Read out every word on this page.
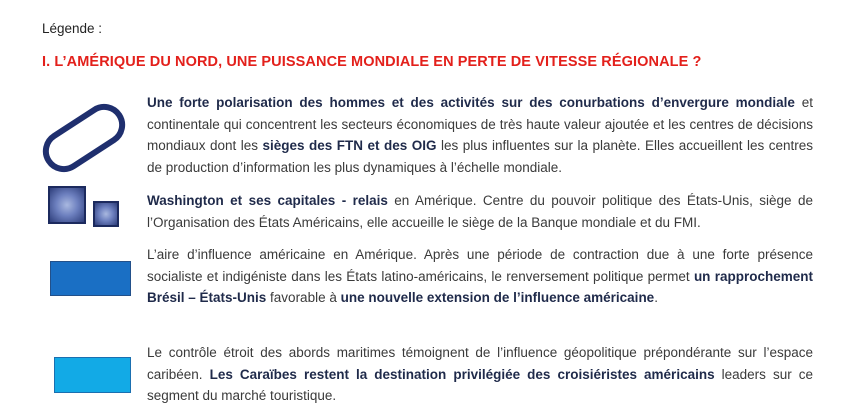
Légende :
I. L’AMÉRIQUE DU NORD, UNE PUISSANCE MONDIALE EN PERTE DE VITESSE RÉGIONALE ?

Une forte polarisation des hommes et des activités sur des conurbations d’envergure mondiale et continentale qui concentrent les secteurs économiques de très haute valeur ajoutée et les centres de décisions mondiaux dont les sièges des FTN et des OIG les plus influentes sur la planète. Elles accueillent les centres de production d’information les plus dynamiques à l’échelle mondiale.

Washington et ses capitales - relais en Amérique. Centre du pouvoir politique des États-Unis, siège de l’Organisation des États Américains, elle accueille le siège de la Banque mondiale et du FMI.

L’aire d’influence américaine en Amérique. Après une période de contraction due à une forte présence socialiste et indigéniste dans les États latino-américains, le renversement politique permet un rapprochement Brésil – États-Unis favorable à une nouvelle extension de l’influence américaine.

Le contrôle étroit des abords maritimes témoignent de l’influence géopolitique prépondérante sur l’espace caribéen. Les Caraïbes restent la destination privilégiée des croisiéristes américains leaders sur ce segment du marché touristique.
